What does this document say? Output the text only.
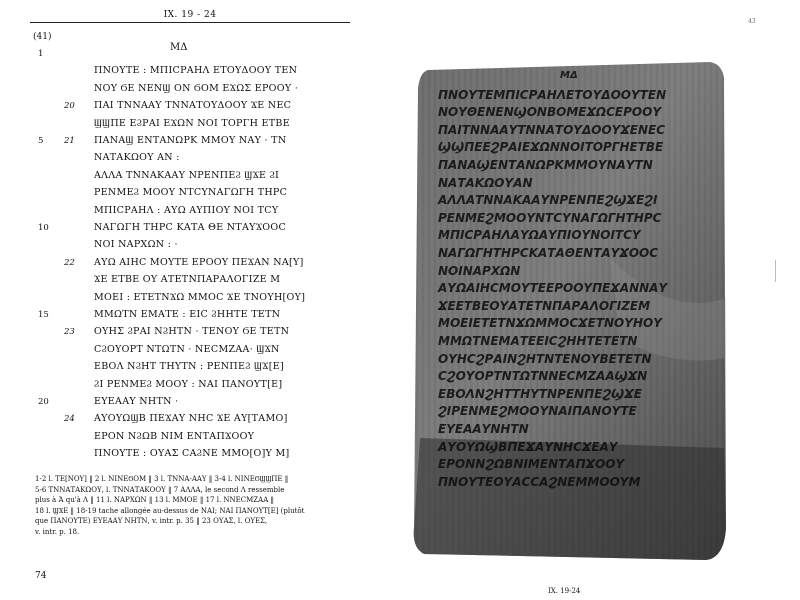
IX. 19 - 24
(41)
ΜΔ
1
ΠΝΟΥΤΕ : ΜΠΙCΡΑΗΛ ΕΤΟΥΔΟΟΥ ΤΕΝ
ΝΟΥ ϬΕ ΝΕΝϢ ΟΝ ϬΟΜ ΕϪΩΣ ΕΡΟΟΥ ·
20 ΠΑΙ ΤΝΝΑΑΥ ΤΝΝΑΤΟΥΔΟΟΥ ϪΕ ΝΕC
ϢϢΠΕ ΕϨΡΑΙ ΕϪΩΝ ΝΟΙ ΤΟΡΓΗ ΕΤΒΕ
5 21 ΠΑΝΑϢ ΕΝΤΑΝΩΡΚ ΜΜΟΥ ΝΑΥ · ΤΝ
ΝΑΤΑΚΩΟΥ ΑΝ :
ΑΛΛΑ ΤΝΝΑΚΑΑΥ ΝΡΕΝΠΕϨ ϢϪΕ ϨΙ
ΡΕΝΜΕϨ ΜΟΟΥ ΝΤCΥΝΑΓΩΓΗ ΤΗΡC
ΜΠΙCΡΑΗΛ : ΑΥΩ ΑΥΠΙΟΥ ΝΟΙ ΤCΥ
10	ΝΑΓΩΓΗ ΤΗΡC ΚΑΤΑ ΘΕ ΝΤΑΥϪΟΟC
ΝΟΙ ΝΑΡΧΩΝ : ·
22 ΑΥΩ ΑΙΗC ΜΟΥΤΕ ΕΡΟΟΥ ΠΕϪΑΝ ΝΑ[Υ]
ϪΕ ΕΤΒΕ ΟΥ ΑΤΕΤΝΠΑΡΑΛΟΓΙΖΕ Μ
ΜΟΕΙ : ΕΤΕΤΝϪΩ ΜΜΟC ϪΕ ΤΝΟΥΗ[ΟΥ]
15	ΜΜΩΤΝ ΕΜΑΤΕ : ΕΙC ϨΗΗΤΕ ΤΕΤΝ
23 ΟΥΗΣ ϨΡΑΙ ΝϨΗΤΝ · ΤΕΝΟΥ ϬΕ ΤΕΤΝ
CϨΟΥΟΡΤ ΝΤΩΤΝ · ΝΕϹΜΖΑΑ· ϢϪΝ
ΕΒΟΛ ΝϨΗΤ ΤΗΥΤΝ : ΡΕΝΠΕϨ ϢϪ[Ε]
ϨΙ ΡΕΝΜΕϨ ΜΟΟΥ : ΝΑΙ ΠΑΝΟΥΤ[Ε]
20	ΕΥΕΑΑΥ ΝΗΤΝ ·
24 ΑΥΟΥΩϢΒ ΠΕϪΑΥ ΝΗC ϪΕ ΑΥ[ΤΑΜΟ]
ΕΡΟΝ ΝϨΩΒ ΝΙΜ ΕΝΤΑΠϪΟΟΥ
ΠΝΟΥΤΕ : ΟΥΑΣ CΑϨΝΕ ΜΜΟ[Ο]Υ Μ]
1-2 l. ΤΕ[ΝΟΥ] ‖ 2 l. ΝΙΝΕϬΟΜ ‖ 3 l. ΤΝΝΑ-ΑΑΥ ‖ 3-4 l. ΝΙΝΕϬϢϢΠΕ ‖
5-6 ΤΝΝΑΤΑΚΩΟΥ, l. ΤΝΝΑΤΑΚΟΟΥ ‖ 7 ΑΛΛΑ, le second Λ ressemble
plus à Ά qu'à Λ ‖ 11 l. ΝΑΡΧΩΝ ‖ 13 l. ΜΜΟΕ ‖ 17 l. ΝΝΕϹΜΖΑΑ ‖
18 l. ϢϪΕ ‖ 18-19 tache allongée au-dessus de ΝΑΙ; ΝΑΙ ΠΑΝΟΥΤ[Ε] (plutôt
que ΠΑΝΟΥΤΕ) ΕΥΕΑΑΥ ΝΗΤΝ, v. intr. p. 35 ‖ 23 ΟΥΑΣ, l. ΟΥΕΣ,
v. intr. p. 18.
74
43
ΜΔ
ΠΝΟΥΤΕΜΠΙCΡΑΗΛΕΤΟΥΔΟΟΥΤΕΝ
ΝΟΥΘΕΝΕΝϢΟΝΒΟΜΕϪΩCΕΡΟΟΥ
ΠΑΙΤΝΝΑΑΥΤΝΝΑΤΟΥΔΟΟΥϪΕΝΕC
ϢϢΠΕΕϨΡΑΙΕϪΩΝΝΟΙΤΟΡΓΗΕΤΒΕ
ΠΑΝΑϢΕΝΤΑΝΩΡΚΜΜΟΥΝΑΥΤΝ
ΝΑΤΑΚΩΟΥΑΝ
ΑΛΛΑΤΝΝΑΚΑΑΥΝΡΕΝΠΕϨϢϪΕϨΙ
ΡΕΝΜΕϨΜΟΟΥΝΤCΥΝΑΓΩΓΗΤΗΡC
ΜΠΙCΡΑΗΛΑΥΩΑΥΠΙΟΥΝΟΙΤCΥ
ΝΑΓΩΓΗΤΗΡCΚΑΤΑΘΕΝΤΑΥϪΟΟC
ΝΟΙΝΑΡΧΩΝ
ΑΥΩΑΙΗCΜΟΥΤΕΕΡΟΟΥΠΕϪΑΝΝΑΥ
ϪΕΕΤΒΕΟΥΑΤΕΤΝΠΑΡΑΛΟΓΙΖΕΜ
ΜΟΕΙΕΤΕΤΝϪΩΜΜΟCϪΕΤΝΟΥΗΟΥ
ΜΜΩΤΝΕΜΑΤΕΕΙCϨΗΗΤΕΤΕΤΝ
ΟΥΗCϨΡΑΙΝϨΗΤΝΤΕΝΟΥΒΕΤΕΤΝ
CϨΟΥΟΡΤΝΤΩΤΝΝΕCΜΖΑΑϢϪΝ
ΕΒΟΛΝϨΗΤΤΗΥΤΝΡΕΝΠΕϨϢϪΕ
ϨΙΡΕΝΜΕϨΜΟΟΥΝΑΙΠΑΝΟΥΤΕ
ΕΥΕΑΑΥΝΗΤΝ
ΑΥΟΥΩϢΒΠΕϪΑΥΝΗCϪΕΑΥ
ΕΡΟΝΝϨΩΒΝΙΜΕΝΤΑΠϪΟΟΥ
ΠΝΟΥΤΕΟΥΑCCΑϨΝΕΜΜΟΟΥΜ
IX. 19-24
